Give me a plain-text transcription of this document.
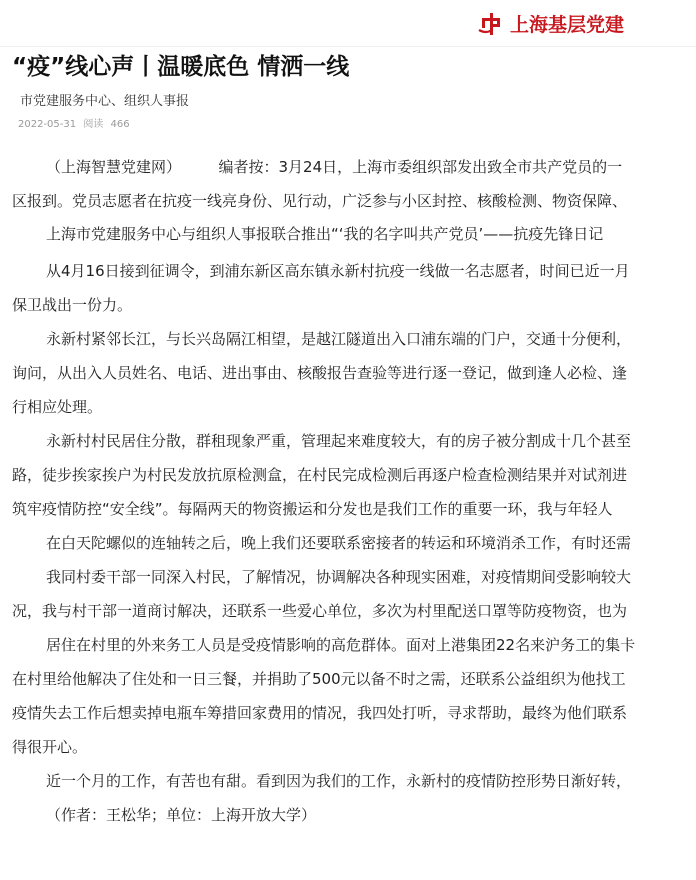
上海基层党建
“疫”线心声丨温暖底色 情洒一线
市党建服务中心、组织人事报
2022-05-31 阅读 466
（上海智慧党建网）　　　编者按：3月24日，上海市委组织部发出致全市共产党员的一
区报到。党员志愿者在抗疫一线亮身份、见行动，广泛参与小区封控、核酸检测、物资保障、
上海市党建服务中心与组织人事报联合推出“‘我的名字叫共产党员’——抗疫先锋日记
从4月16日接到征调令，到浦东新区高东镇永新村抗疫一线做一名志愿者，时间已近一月
保卫战出一份力。
永新村紧邻长江，与长兴岛隔江相望，是越江隧道出入口浦东端的门户，交通十分便利，
询问，从出入人员姓名、电话、进出事由、核酸报告查验等进行逐一登记，做到逢人必检、逢
行相应处理。
永新村村民居住分散，群租现象严重，管理起来难度较大，有的房子被分割成十几个甚至
路，徒步挨家挨户为村民发放抗原检测盒，在村民完成检测后再逐户检查检测结果并对试剂进
筑牢疫情防控“安全线”。每隔两天的物资搬运和分发也是我们工作的重要一环，我与年轻人
在白天陀螺似的连轴转之后，晚上我们还要联系密接者的转运和环境消杀工作，有时还需
我同村委干部一同深入村民，了解情况，协调解决各种现实困难，对疫情期间受影响较大
况，我与村干部一道商讨解决，还联系一些爱心单位，多次为村里配送口罩等防疫物资，也为
居住在村里的外来务工人员是受疫情影响的高危群体。面对上港集团22名来沪务工的集卡
在村里给他解决了住处和一日三餐，并捐助了500元以备不时之需，还联系公益组织为他找工
疫情失去工作后想卖掉电瓶车筹措回家费用的情况，我四处打听，寻求帮助，最终为他们联系
得很开心。
近一个月的工作，有苦也有甜。看到因为我们的工作，永新村的疫情防控形势日渐好转，
（作者：王松华；单位：上海开放大学）
